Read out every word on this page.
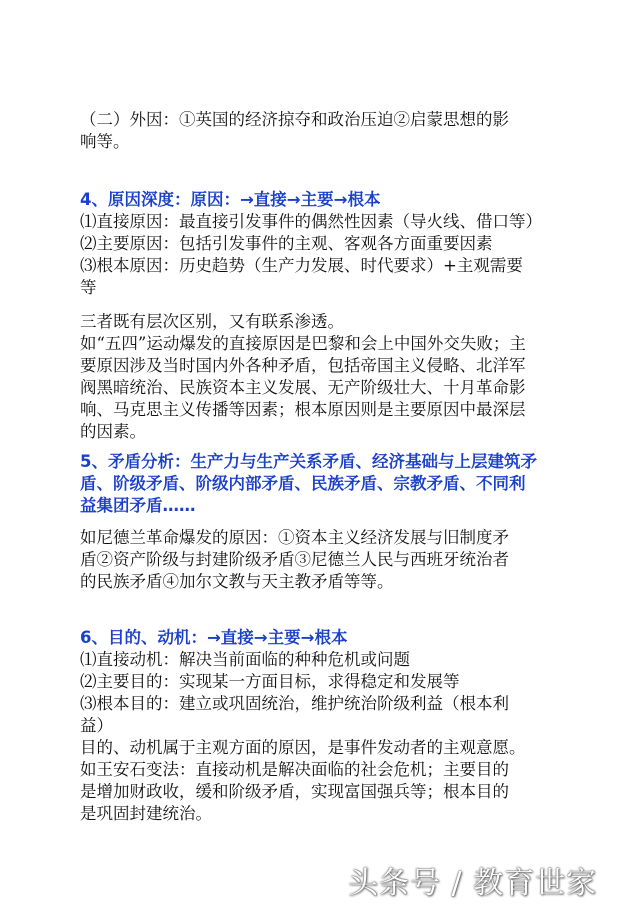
（二）外因：①英国的经济掠夺和政治压迫②启蒙思想的影
响等。
4、原因深度：原因：→直接→主要→根本
⑴直接原因：最直接引发事件的偶然性因素（导火线、借口等）
⑵主要原因：包括引发事件的主观、客观各方面重要因素
⑶根本原因：历史趋势（生产力发展、时代要求）+主观需要
等
三者既有层次区别，又有联系渗透。
如“五四”运动爆发的直接原因是巴黎和会上中国外交失败；主
要原因涉及当时国内外各种矛盾，包括帝国主义侵略、北洋军
阀黑暗统治、民族资本主义发展、无产阶级壮大、十月革命影
响、马克思主义传播等因素；根本原因则是主要原因中最深层
的因素。
5、矛盾分析：生产力与生产关系矛盾、经济基础与上层建筑矛
盾、阶级矛盾、阶级内部矛盾、民族矛盾、宗教矛盾、不同利
益集团矛盾……
如尼德兰革命爆发的原因：①资本主义经济发展与旧制度矛
盾②资产阶级与封建阶级矛盾③尼德兰人民与西班牙统治者
的民族矛盾④加尔文教与天主教矛盾等等。
6、目的、动机：→直接→主要→根本
⑴直接动机：解决当前面临的种种危机或问题
⑵主要目的：实现某一方面目标，求得稳定和发展等
⑶根本目的：建立或巩固统治，维护统治阶级利益（根本利
益）
目的、动机属于主观方面的原因，是事件发动者的主观意愿。
如王安石变法：直接动机是解决面临的社会危机；主要目的
是增加财政收，缓和阶级矛盾，实现富国强兵等；根本目的
是巩固封建统治。
头条号 / 教育世家
